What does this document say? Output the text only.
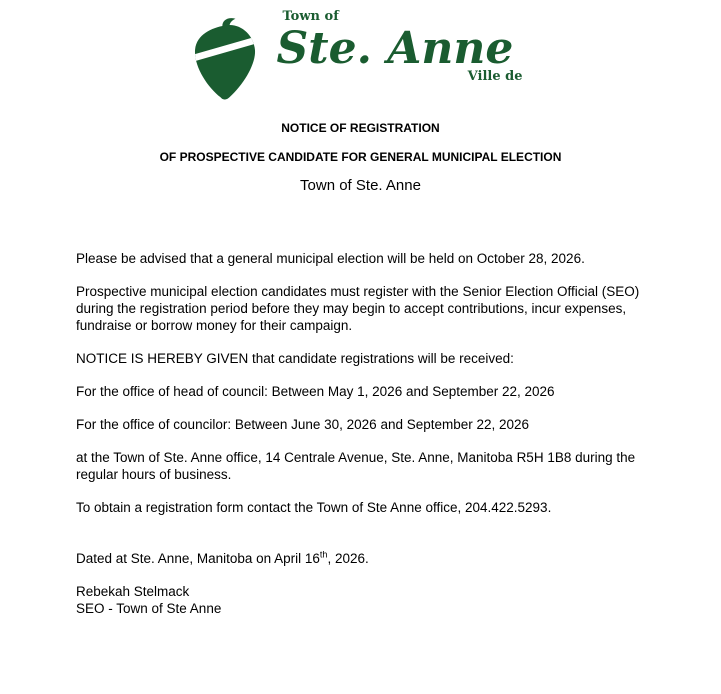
Town of
Ste. Anne
Ville de
NOTICE OF REGISTRATION
OF PROSPECTIVE CANDIDATE FOR GENERAL MUNICIPAL ELECTION
Town of Ste. Anne

Please be advised that a general municipal election will be held on October 28, 2026.

Prospective municipal election candidates must register with the Senior Election Official (SEO) during the registration period before they may begin to accept contributions, incur expenses, fundraise or borrow money for their campaign.

NOTICE IS HEREBY GIVEN that candidate registrations will be received:

For the office of head of council: Between May 1, 2026 and September 22, 2026

For the office of councilor: Between June 30, 2026 and September 22, 2026

at the Town of Ste. Anne office, 14 Centrale Avenue, Ste. Anne, Manitoba R5H 1B8 during the regular hours of business.

To obtain a registration form contact the Town of Ste Anne office, 204.422.5293.

Dated at Ste. Anne, Manitoba on April 16th, 2026.

Rebekah Stelmack
SEO - Town of Ste Anne
